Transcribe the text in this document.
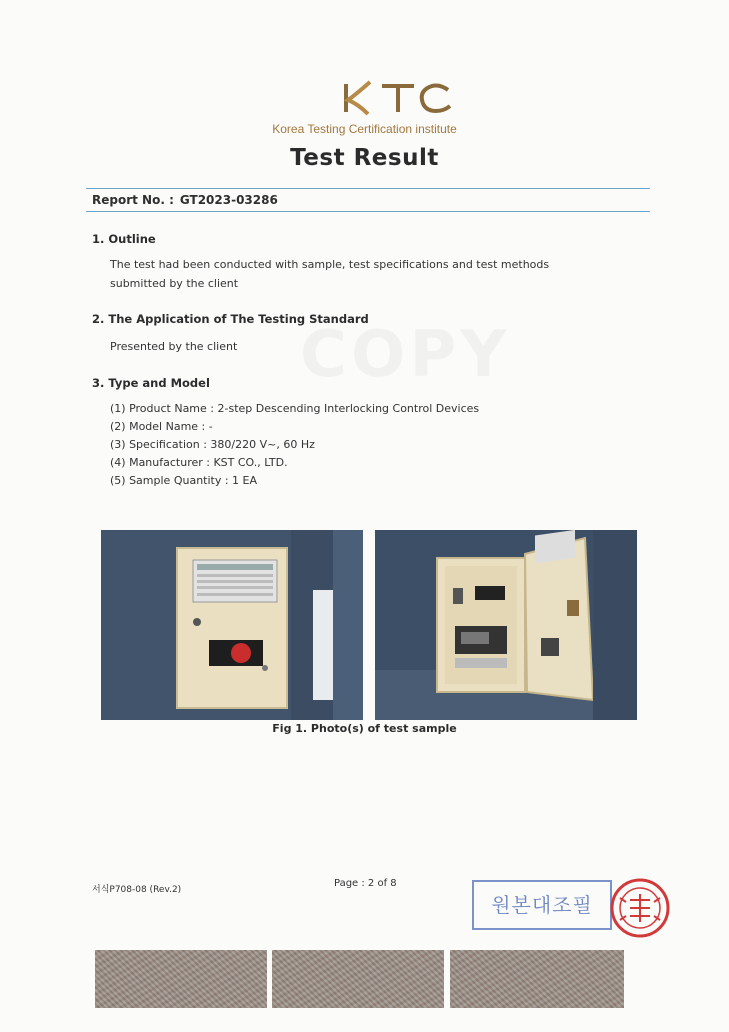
Korea Testing Certification institute
Test Result
Report No. : GT2023-03286
1. Outline
The test had been conducted with sample, test specifications and test methods
submitted by the client
2. The Application of The Testing Standard
Presented by the client
3. Type and Model
(1) Product Name : 2-step Descending Interlocking Control Devices
(2) Model Name : -
(3) Specification : 380/220 V~, 60 Hz
(4) Manufacturer : KST CO., LTD.
(5) Sample Quantity : 1 EA
Fig 1. Photo(s) of test sample
서식P708-08 (Rev.2)
Page : 2 of 8
원본대조필
